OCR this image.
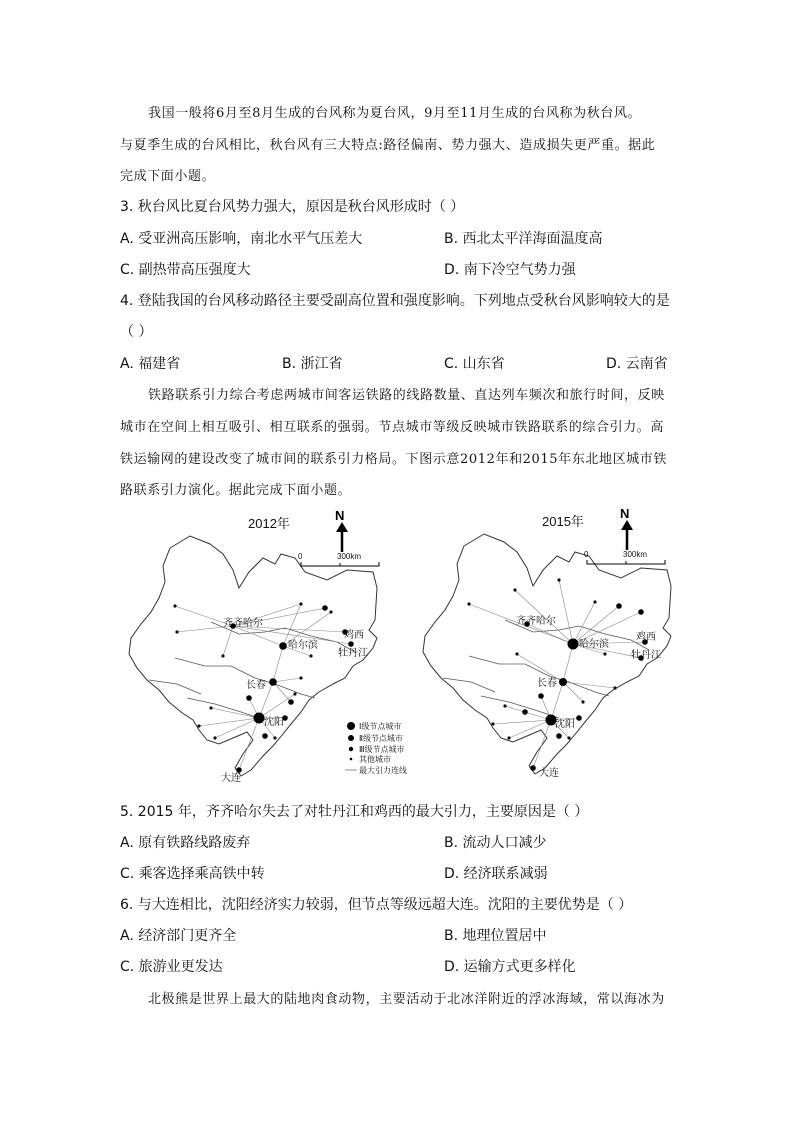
我国一般将6月至8月生成的台风称为夏台风，9月至11月生成的台风称为秋台风。
与夏季生成的台风相比，秋台风有三大特点:路径偏南、势力强大、造成损失更严重。据此
完成下面小题。
3. 秋台风比夏台风势力强大，原因是秋台风形成时（ ）
A. 受亚洲高压影响，南北水平气压差大	B. 西北太平洋海面温度高
C. 副热带高压强度大	D. 南下冷空气势力强
4. 登陆我国的台风移动路径主要受副高位置和强度影响。下列地点受秋台风影响较大的是
（ ）
A. 福建省	B. 浙江省	C. 山东省	D. 云南省
铁路联系引力综合考虑两城市间客运铁路的线路数量、直达列车频次和旅行时间，反映
城市在空间上相互吸引、相互联系的强弱。节点城市等级反映城市铁路联系的综合引力。高
铁运输网的建设改变了城市间的联系引力格局。下图示意2012年和2015年东北地区城市铁
路联系引力演化。据此完成下面小题。
2012年
齐齐哈尔
哈尔滨
鸡西
牡丹江
长春
沈阳
大连
N
0	300km
Ⅰ级节点城市
Ⅱ级节点城市
Ⅲ级节点城市
其他城市
最大引力连线
2015年
齐齐哈尔
哈尔滨
鸡西
牡丹江
长春
沈阳
大连
N
0	300km
5. 2015 年，齐齐哈尔失去了对牡丹江和鸡西的最大引力，主要原因是（ ）
A. 原有铁路线路废弃	B. 流动人口减少
C. 乘客选择乘高铁中转	D. 经济联系减弱
6. 与大连相比，沈阳经济实力较弱，但节点等级远超大连。沈阳的主要优势是（ ）
A. 经济部门更齐全	B. 地理位置居中
C. 旅游业更发达	D. 运输方式更多样化
北极熊是世界上最大的陆地肉食动物，主要活动于北冰洋附近的浮冰海域，常以海冰为
